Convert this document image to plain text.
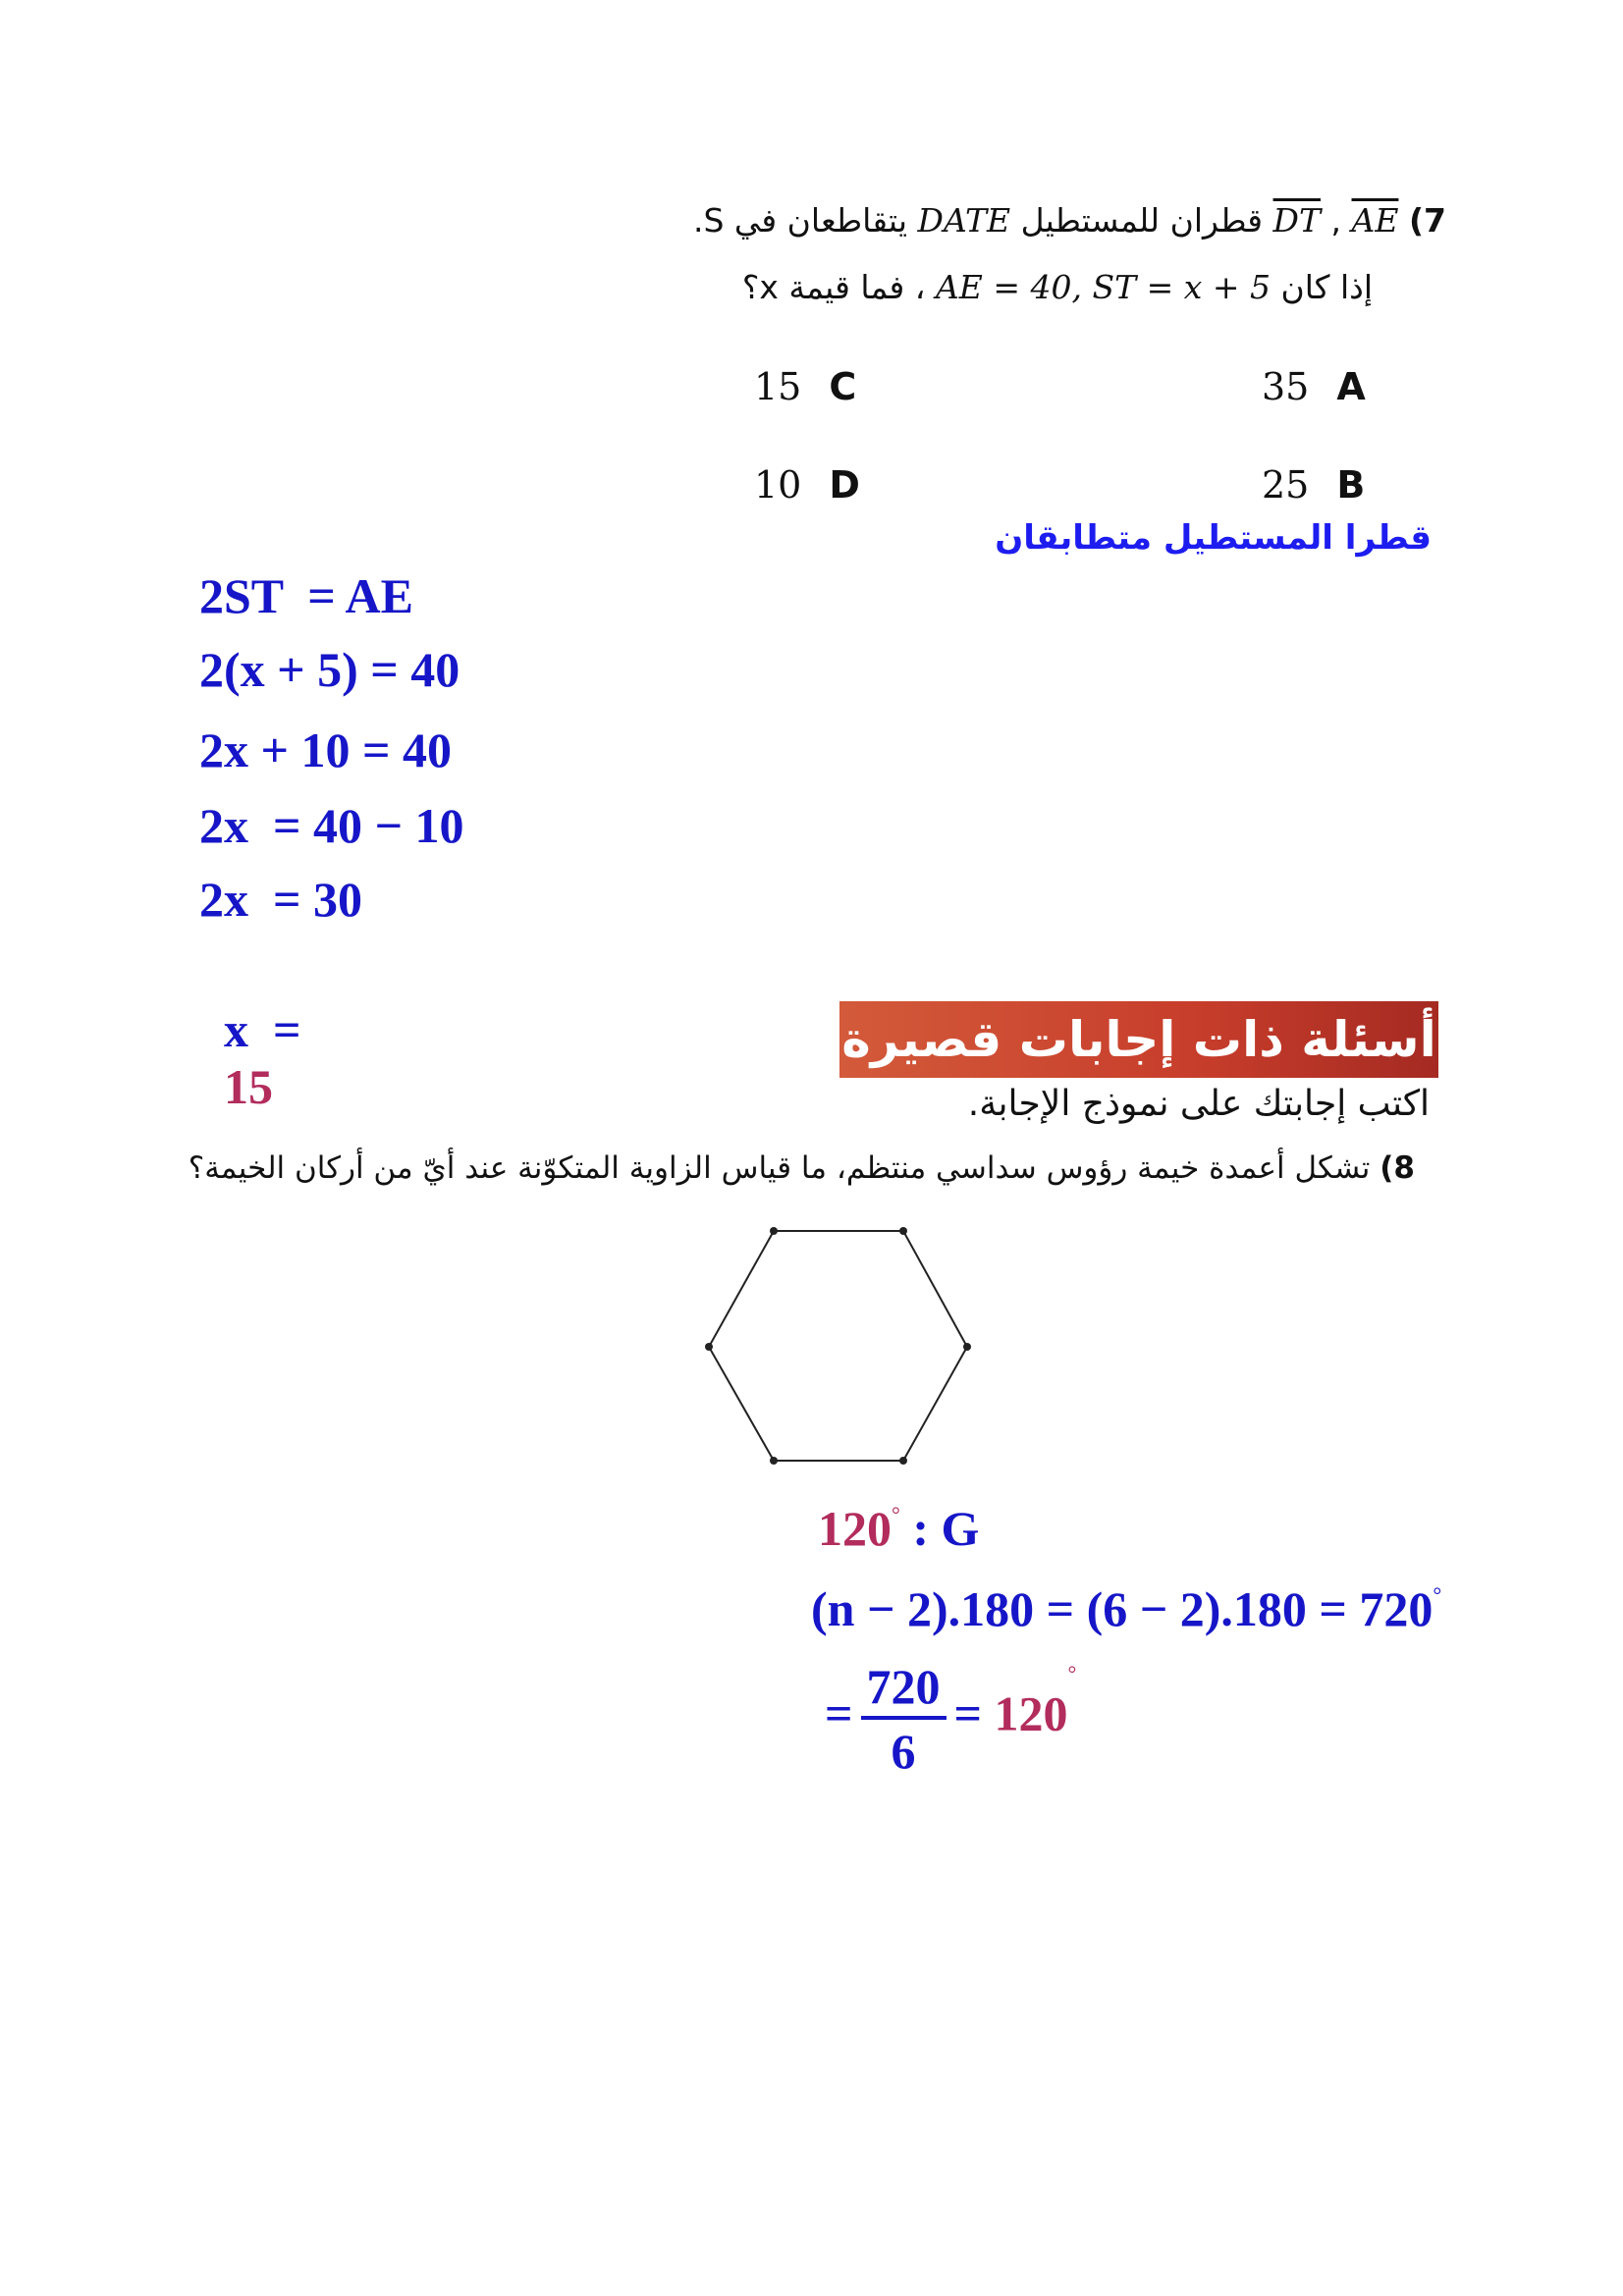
7) $\overline{AE}$ , $\overline{DT}$ قطران للمستطيل DATE يتقاطعان في S.
إذا كان AE = 40, ST = x + 5 ، فما قيمة x؟
15 C	35 A
10 D	25 B
قطرا المستطيل متطابقان
2ST  = AE
2(x + 5) = 40
2x + 10 = 40
2x  = 40 − 10
2x  = 30

x  =
15

أسئلة ذات إجابات قصيرة
اكتب إجابتك على نموذج الإجابة.
8) تشكل أعمدة خيمة رؤوس سداسي منتظم، ما قياس الزاوية المتكوّنة عند أيّ من أركان الخيمة؟
120° : G
(n − 2).180 = (6 − 2).180 = 720°
= $\frac{720}{6} = 120^\circ$
